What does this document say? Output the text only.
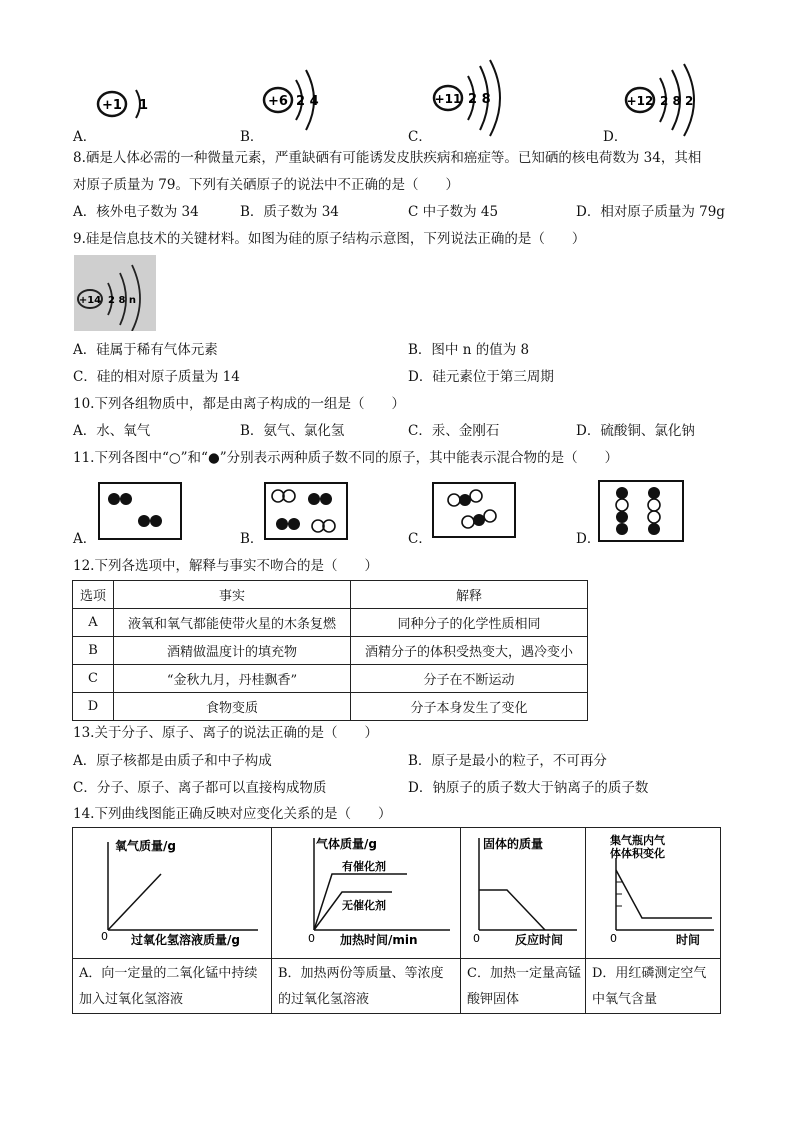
A．
+1 1
B．
+6 2 4
C．
+11 2 8
D．
+12 2 8 2
8.硒是人体必需的一种微量元素，严重缺硒有可能诱发皮肤疾病和癌症等。已知硒的核电荷数为 34，其相
对原子质量为 79。下列有关硒原子的说法中不正确的是（　　）
A．核外电子数为 34	B．质子数为 34	C 中子数为 45	D．相对原子质量为 79g
9.硅是信息技术的关键材料。如图为硅的原子结构示意图，下列说法正确的是（　　）
+14 2 8 n
A．硅属于稀有气体元素	B．图中 n 的值为 8
C．硅的相对原子质量为 14	D．硅元素位于第三周期
10.下列各组物质中，都是由离子构成的一组是（　　）
A．水、氧气	B．氨气、氯化氢	C．汞、金刚石	D．硫酸铜、氯化钠
11.下列各图中“○”和“●”分别表示两种质子数不同的原子，其中能表示混合物的是（　　）
A．	B．	C．	D．
12.下列各选项中，解释与事实不吻合的是（　　）
选项	事实	解释
A	液氧和氧气都能使带火星的木条复燃	同种分子的化学性质相同
B	酒精做温度计的填充物	酒精分子的体积受热变大，遇冷变小
C	“金秋九月，丹桂飘香”	分子在不断运动
D	食物变质	分子本身发生了变化
13.关于分子、原子、离子的说法正确的是（　　）
A．原子核都是由质子和中子构成	B．原子是最小的粒子，不可再分
C．分子、原子、离子都可以直接构成物质	D．钠原子的质子数大于钠离子的质子数
14.下列曲线图能正确反映对应变化关系的是（　　）
氧气质量/g
0 过氧化氢溶液质量/g	气体质量/g
有催化剂
无催化剂
0 加热时间/min	固体的质量
0 反应时间	集气瓶内气
体体积变化
0 时间

A．向一定量的二氧化锰中持续加入过氧化氢溶液	B．加热两份等质量、等浓度的过氧化氢溶液	C．加热一定量高锰酸钾固体	D．用红磷测定空气中氧气含量
